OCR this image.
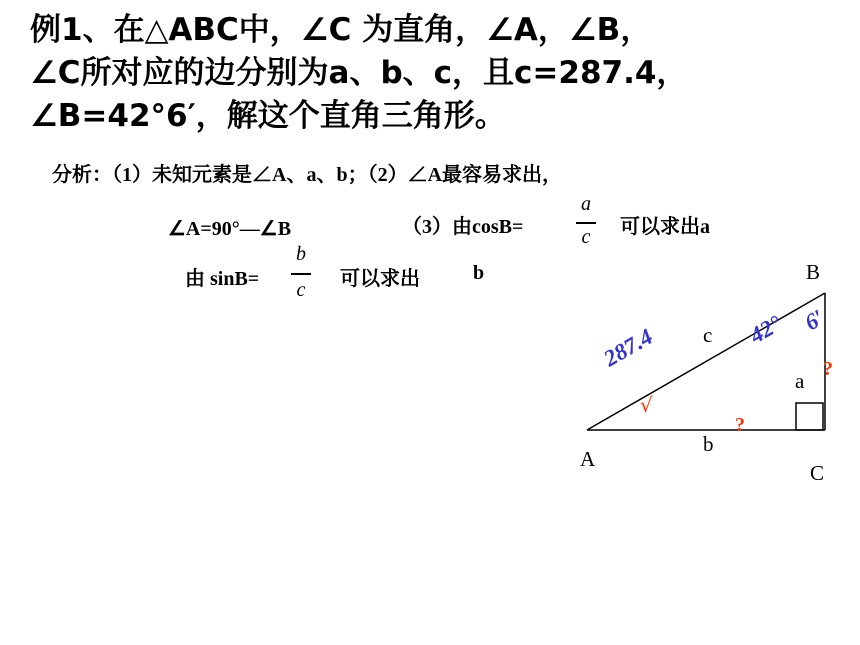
例1、在△ABC中，∠C 为直角，∠A，∠B，
∠C所对应的边分别为a、b、c，且c=287.4，
∠B=42°6′，解这个直角三角形。
分析：（1）未知元素是∠A、a、b；（2）∠A最容易求出，
∠A=90°—∠B	（3）由cosB=
a
c 可以求出a
由 sinB=
b
c 可以求出	b	B
A
C
c
a
b
287.4	42° 6′
√
?
?
